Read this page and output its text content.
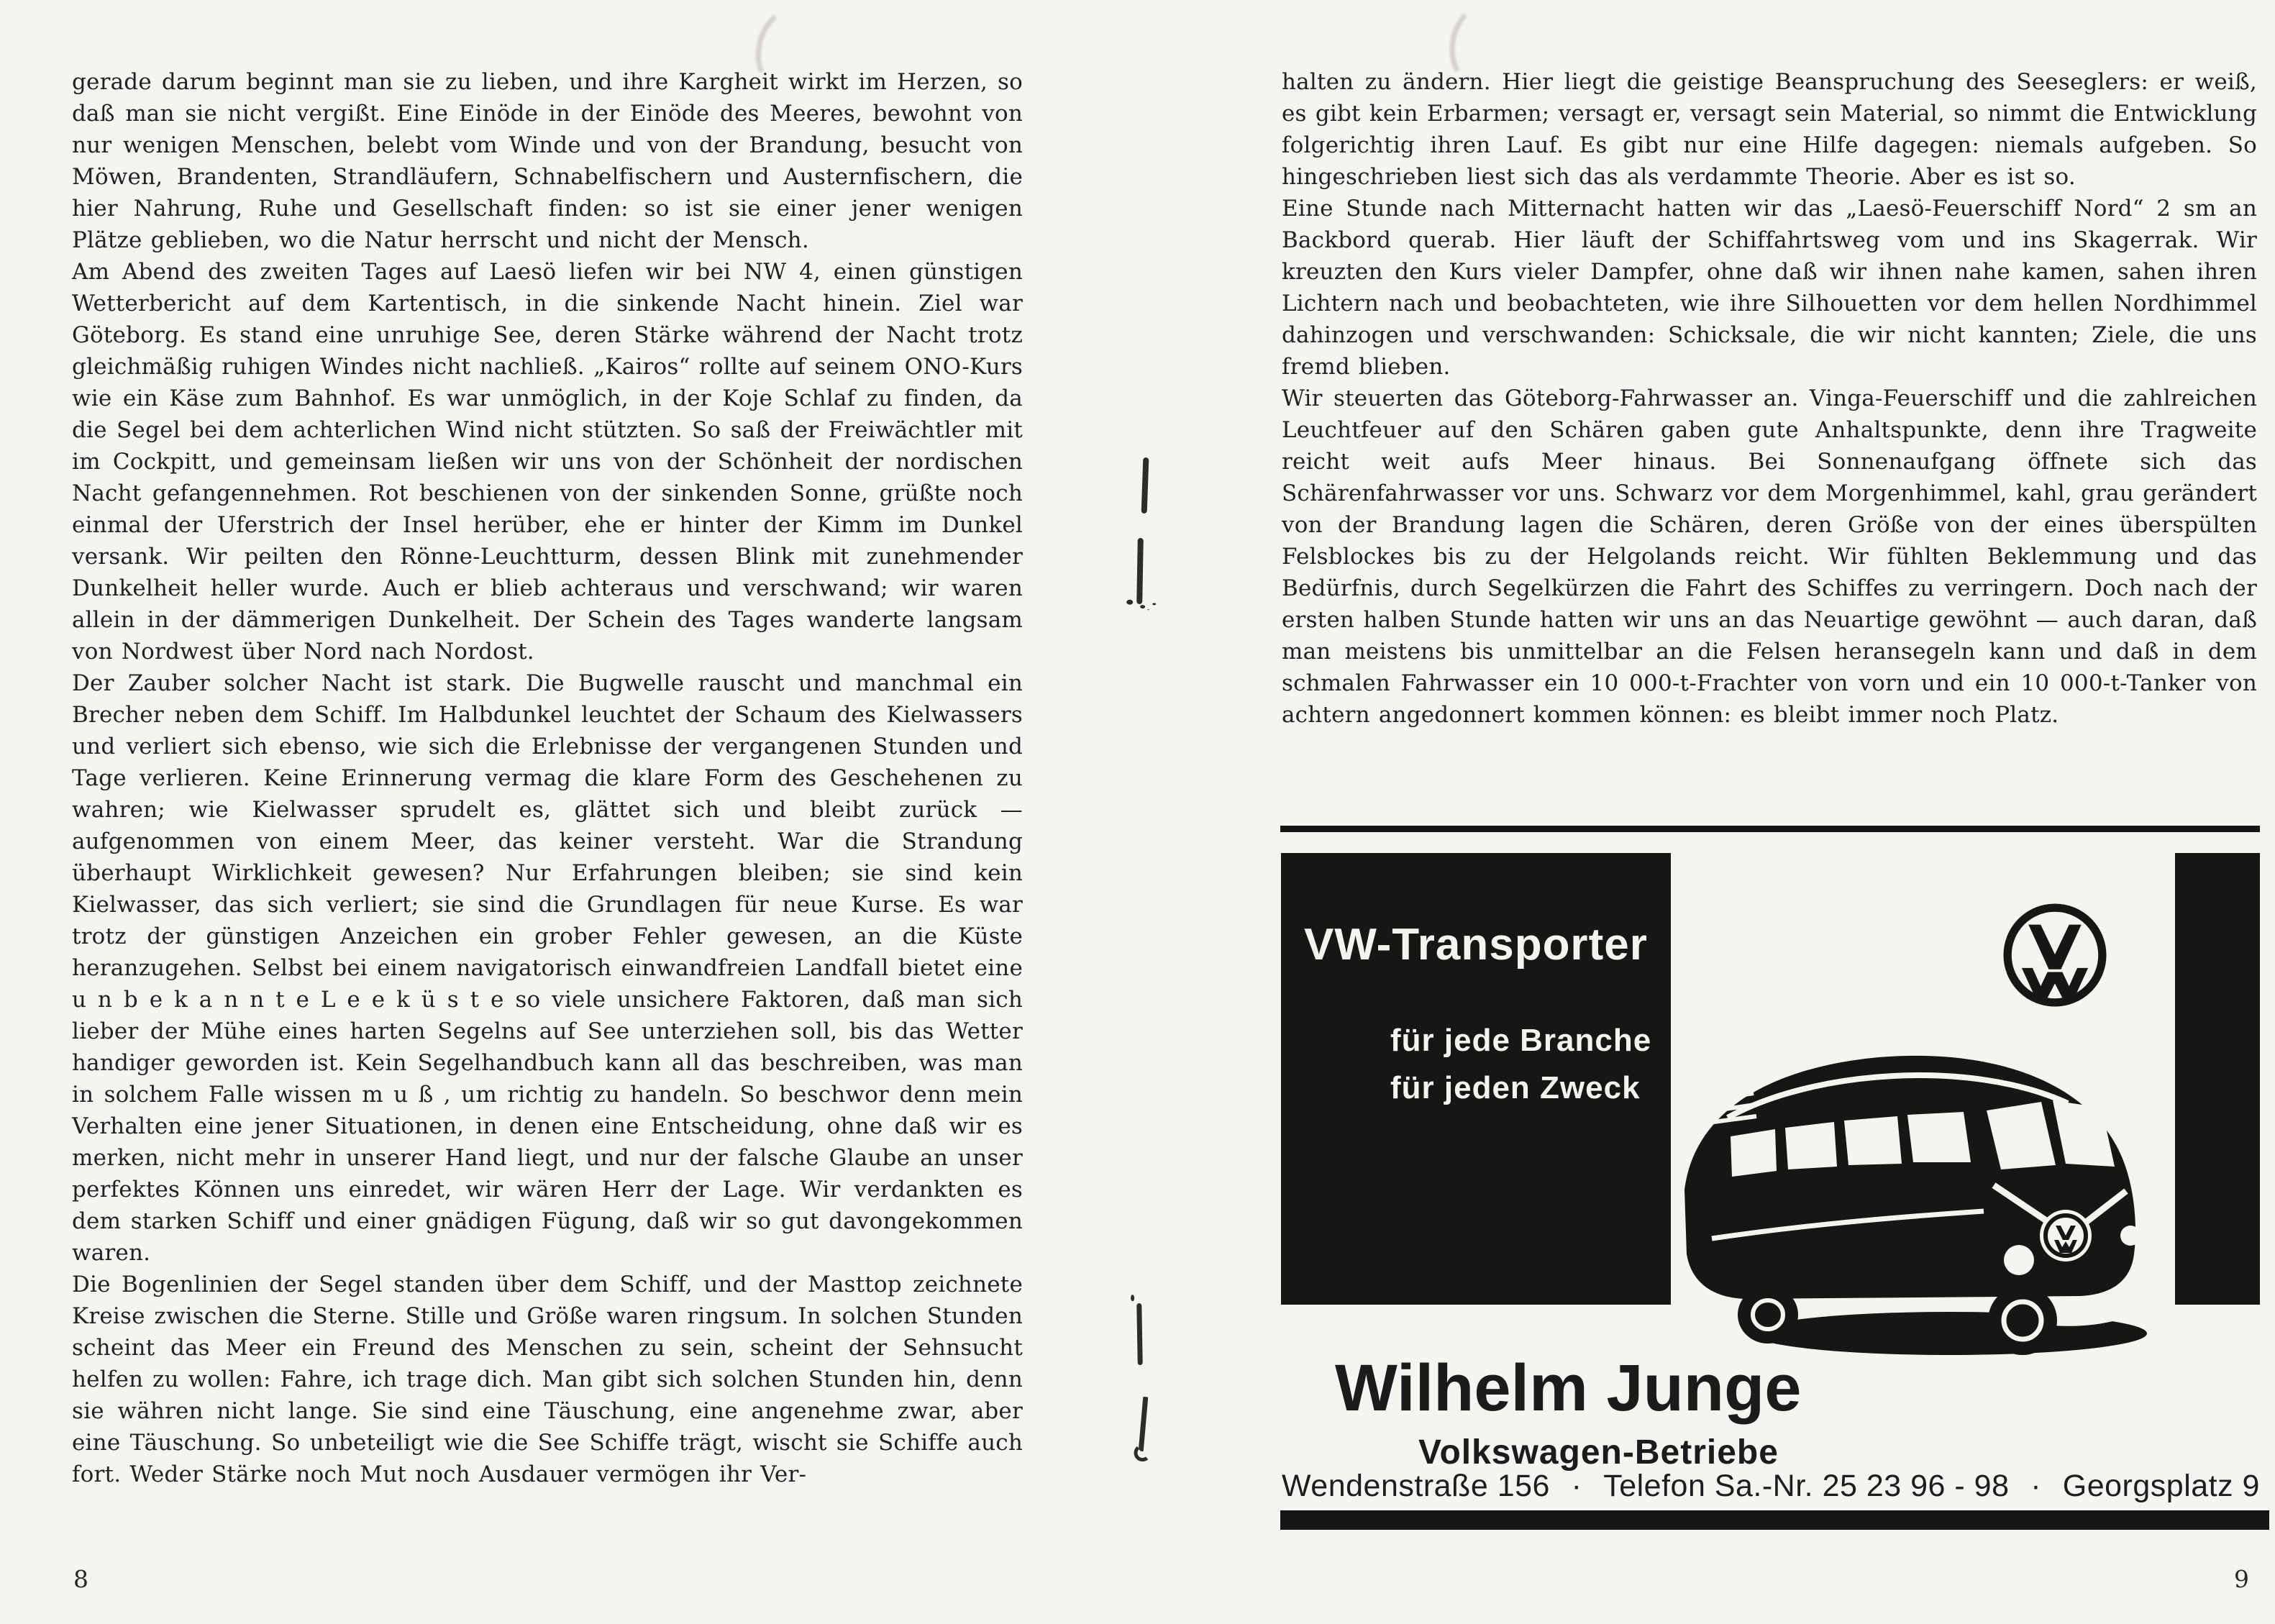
gerade darum beginnt man sie zu lieben, und ihre Kargheit wirkt im Herzen, so daß man sie nicht vergißt. Eine Einöde in der Einöde des Meeres, bewohnt von nur wenigen Menschen, belebt vom Winde und von der Brandung, besucht von Möwen, Brandenten, Strandläufern, Schnabelfischern und Austernfischern, die hier Nahrung, Ruhe und Gesellschaft finden: so ist sie einer jener wenigen Plätze geblieben, wo die Natur herrscht und nicht der Mensch.

Am Abend des zweiten Tages auf Laesö liefen wir bei NW 4, einen günstigen Wetterbericht auf dem Kartentisch, in die sinkende Nacht hinein. Ziel war Göteborg. Es stand eine unruhige See, deren Stärke während der Nacht trotz gleichmäßig ruhigen Windes nicht nachließ. „Kairos“ rollte auf seinem ONO-Kurs wie ein Käse zum Bahnhof. Es war unmöglich, in der Koje Schlaf zu finden, da die Segel bei dem achterlichen Wind nicht stützten. So saß der Freiwächtler mit im Cockpitt, und gemeinsam ließen wir uns von der Schönheit der nordischen Nacht gefangennehmen. Rot beschienen von der sinkenden Sonne, grüßte noch einmal der Uferstrich der Insel herüber, ehe er hinter der Kimm im Dunkel versank. Wir peilten den Rönne-Leuchtturm, dessen Blink mit zunehmender Dunkelheit heller wurde. Auch er blieb achteraus und verschwand; wir waren allein in der dämmerigen Dunkelheit. Der Schein des Tages wanderte langsam von Nordwest über Nord nach Nordost.

Der Zauber solcher Nacht ist stark. Die Bugwelle rauscht und manchmal ein Brecher neben dem Schiff. Im Halbdunkel leuchtet der Schaum des Kielwassers und verliert sich ebenso, wie sich die Erlebnisse der vergangenen Stunden und Tage verlieren. Keine Erinnerung vermag die klare Form des Geschehenen zu wahren; wie Kielwasser sprudelt es, glättet sich und bleibt zurück — aufgenommen von einem Meer, das keiner versteht. War die Strandung überhaupt Wirklichkeit gewesen? Nur Erfahrungen bleiben; sie sind kein Kielwasser, das sich verliert; sie sind die Grundlagen für neue Kurse. Es war trotz der günstigen Anzeichen ein grober Fehler gewesen, an die Küste heranzugehen. Selbst bei einem navigatorisch einwandfreien Landfall bietet eine u n b e k a n n t e L e e k ü s t e so viele unsichere Faktoren, daß man sich lieber der Mühe eines harten Segelns auf See unterziehen soll, bis das Wetter handiger geworden ist. Kein Segelhandbuch kann all das beschreiben, was man in solchem Falle wissen m u ß , um richtig zu handeln. So beschwor denn mein Verhalten eine jener Situationen, in denen eine Entscheidung, ohne daß wir es merken, nicht mehr in unserer Hand liegt, und nur der falsche Glaube an unser perfektes Können uns einredet, wir wären Herr der Lage. Wir verdankten es dem starken Schiff und einer gnädigen Fügung, daß wir so gut davongekommen waren.

Die Bogenlinien der Segel standen über dem Schiff, und der Masttop zeichnete Kreise zwischen die Sterne. Stille und Größe waren ringsum. In solchen Stunden scheint das Meer ein Freund des Menschen zu sein, scheint der Sehnsucht helfen zu wollen: Fahre, ich trage dich. Man gibt sich solchen Stunden hin, denn sie währen nicht lange. Sie sind eine Täuschung, eine angenehme zwar, aber eine Täuschung. So unbeteiligt wie die See Schiffe trägt, wischt sie Schiffe auch fort. Weder Stärke noch Mut noch Ausdauer vermögen ihr Ver-

8

halten zu ändern. Hier liegt die geistige Beanspruchung des Seeseglers: er weiß, es gibt kein Erbarmen; versagt er, versagt sein Material, so nimmt die Entwicklung folgerichtig ihren Lauf. Es gibt nur eine Hilfe dagegen: niemals aufgeben. So hingeschrieben liest sich das als verdammte Theorie. Aber es ist so.

Eine Stunde nach Mitternacht hatten wir das „Laesö-Feuerschiff Nord“ 2 sm an Backbord querab. Hier läuft der Schiffahrtsweg vom und ins Skagerrak. Wir kreuzten den Kurs vieler Dampfer, ohne daß wir ihnen nahe kamen, sahen ihren Lichtern nach und beobachteten, wie ihre Silhouetten vor dem hellen Nordhimmel dahinzogen und verschwanden: Schicksale, die wir nicht kannten; Ziele, die uns fremd blieben.

Wir steuerten das Göteborg-Fahrwasser an. Vinga-Feuerschiff und die zahlreichen Leuchtfeuer auf den Schären gaben gute Anhaltspunkte, denn ihre Tragweite reicht weit aufs Meer hinaus. Bei Sonnenaufgang öffnete sich das Schärenfahrwasser vor uns. Schwarz vor dem Morgenhimmel, kahl, grau gerändert von der Brandung lagen die Schären, deren Größe von der eines überspülten Felsblockes bis zu der Helgolands reicht. Wir fühlten Beklemmung und das Bedürfnis, durch Segelkürzen die Fahrt des Schiffes zu verringern. Doch nach der ersten halben Stunde hatten wir uns an das Neuartige gewöhnt — auch daran, daß man meistens bis unmittelbar an die Felsen heransegeln kann und daß in dem schmalen Fahrwasser ein 10 000-t-Frachter von vorn und ein 10 000-t-Tanker von achtern angedonnert kommen können: es bleibt immer noch Platz.

9
VW-Transporter
für jede Branche
für jeden Zweck
Wilhelm Junge
Volkswagen-Betriebe
Wendenstraße 156 · Telefon Sa.-Nr. 25 23 96 - 98 · Georgsplatz 9
